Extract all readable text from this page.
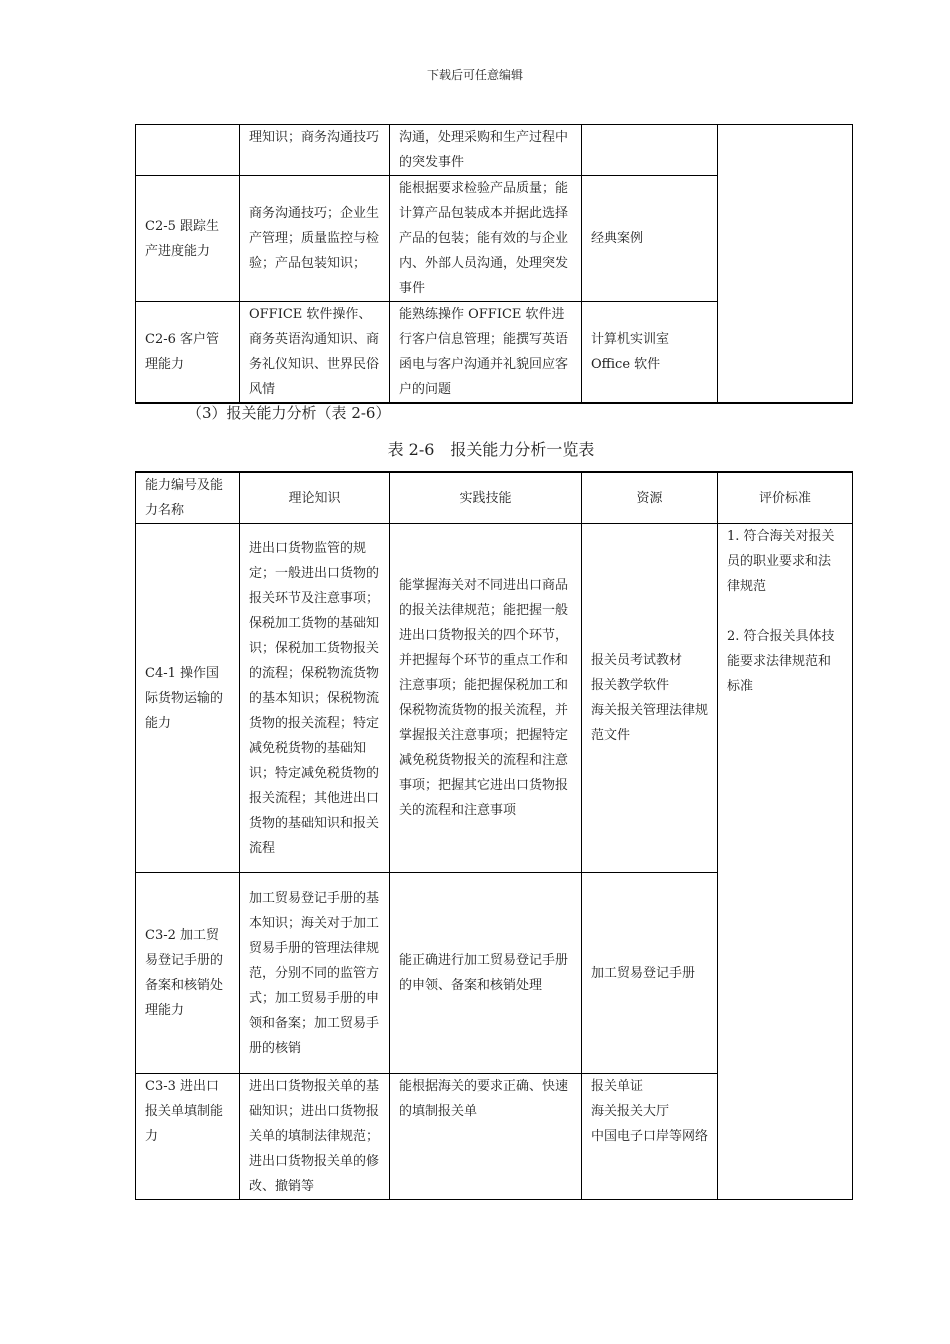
下载后可任意编辑
	理知识；商务沟通技巧	沟通，处理采购和生产过程中的突发事件		
C2-5 跟踪生产进度能力	商务沟通技巧；企业生产管理；质量监控与检验；产品包装知识；	能根据要求检验产品质量；能计算产品包装成本并据此选择产品的包装；能有效的与企业内、外部人员沟通，处理突发事件	经典案例	
C2-6 客户管理能力	OFFICE 软件操作、商务英语沟通知识、商务礼仪知识、世界民俗风情	能熟练操作 OFFICE 软件进行客户信息管理；能撰写英语函电与客户沟通并礼貌回应客户的问题	计算机实训室
Office 软件	
（3）报关能力分析（表 2-6）
表 2-6　报关能力分析一览表
能力编号及能力名称	理论知识	实践技能	资源	评价标准
C4-1 操作国际货物运输的能力	进出口货物监管的规定；一般进出口货物的报关环节及注意事项；保税加工货物的基础知识；保税加工货物报关的流程；保税物流货物的基本知识；保税物流货物的报关流程；特定减免税货物的基础知识；特定减免税货物的报关流程；其他进出口货物的基础知识和报关流程	能掌握海关对不同进出口商品的报关法律规范；能把握一般进出口货物报关的四个环节，并把握每个环节的重点工作和注意事项；能把握保税加工和保税物流货物的报关流程，并掌握报关注意事项；把握特定减免税货物报关的流程和注意事项；把握其它进出口货物报关的流程和注意事项	报关员考试教材
报关教学软件
海关报关管理法律规范文件	1. 符合海关对报关员的职业要求和法律规范
2. 符合报关具体技能要求法律规范和标准

C3-2 加工贸易登记手册的备案和核销处理能力	加工贸易登记手册的基本知识；海关对于加工贸易手册的管理法律规范，分别不同的监管方式；加工贸易手册的申领和备案；加工贸易手册的核销	能正确进行加工贸易登记手册的申领、备案和核销处理	加工贸易登记手册	

C3-3 进出口报关单填制能力	进出口货物报关单的基础知识；进出口货物报关单的填制法律规范；进出口货物报关单的修改、撤销等	能根据海关的要求正确、快速的填制报关单	报关单证
海关报关大厅
中国电子口岸等网络	
